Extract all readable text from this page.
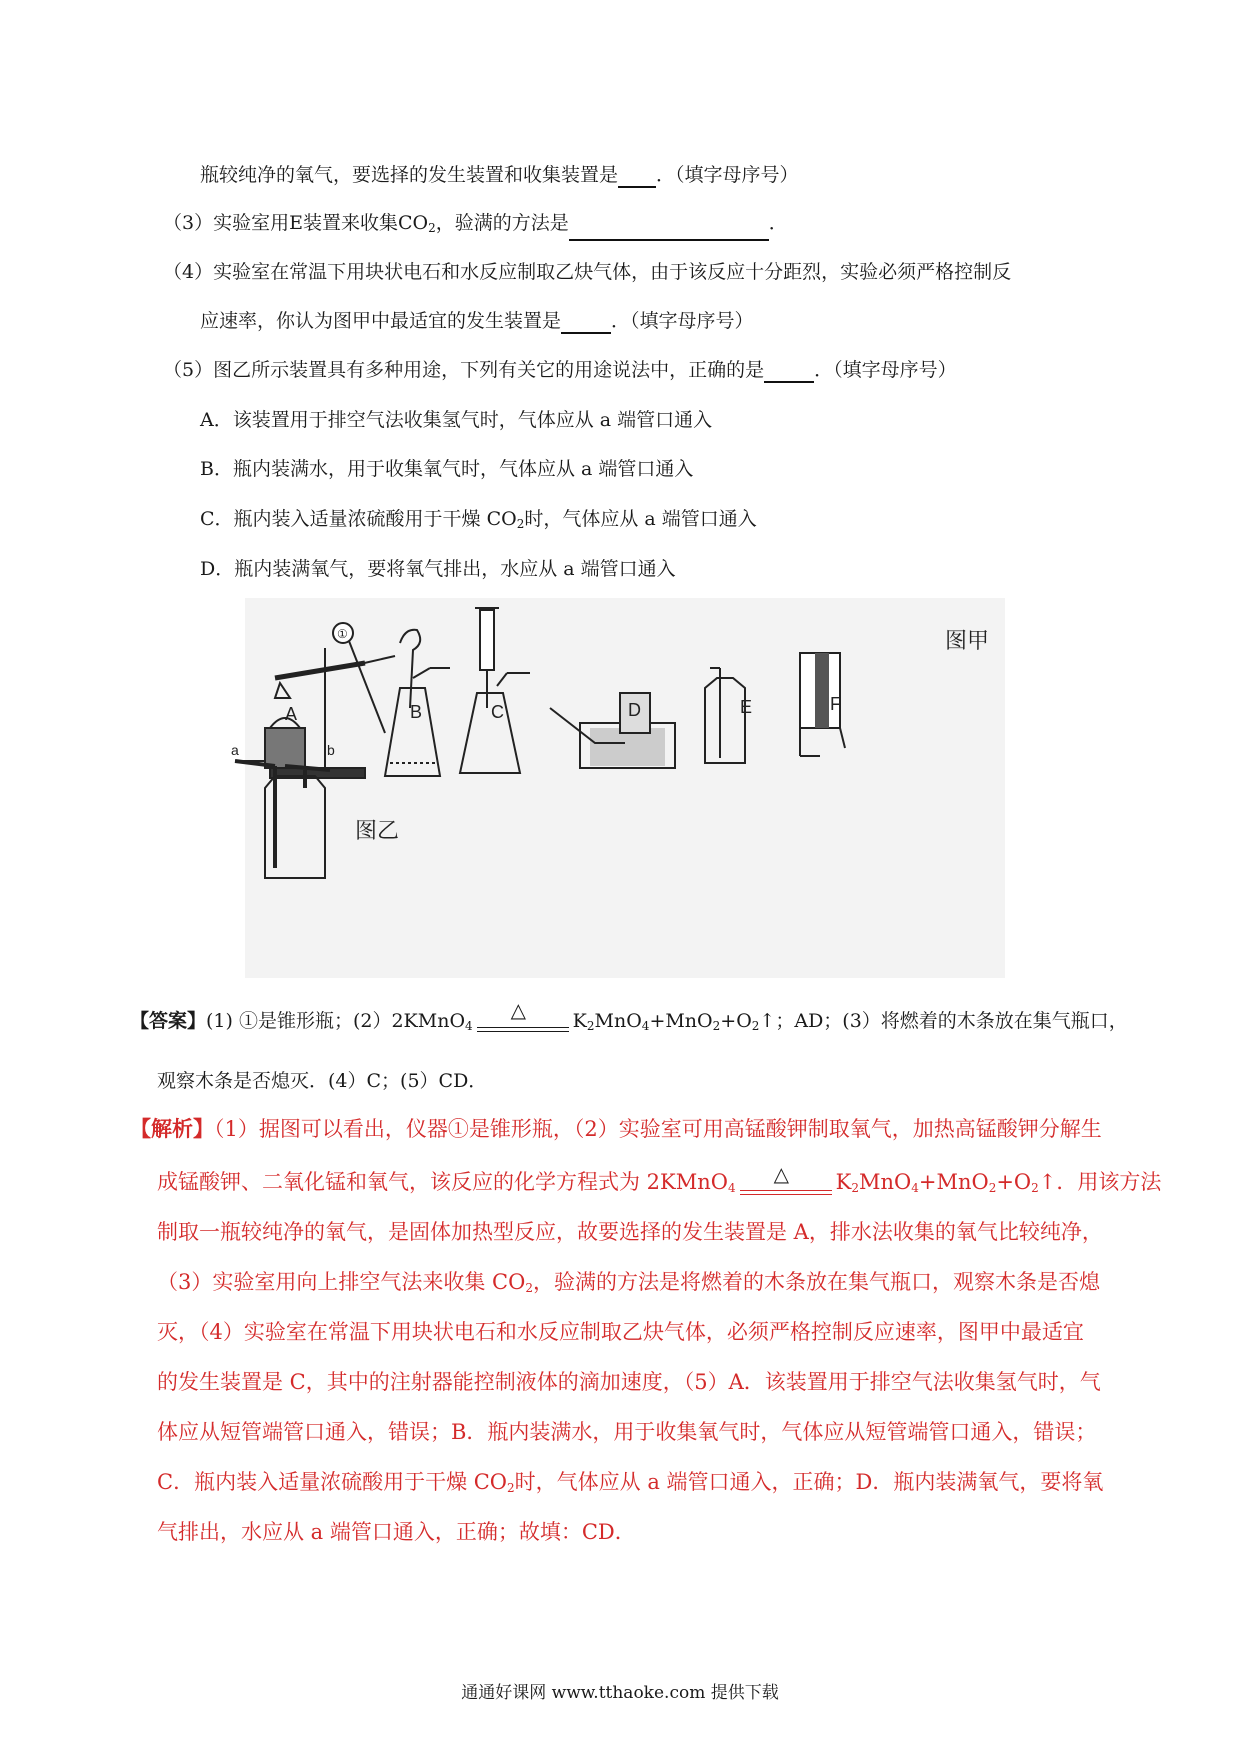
瓶较纯净的氧气，要选择的发生装置和收集装置是 ．（填字母序号）
（3）实验室用E装置来收集$CO_2$，验满的方法是	．
（4）实验室在常温下用块状电石和水反应制取乙炔气体，由于该反应十分距烈，实验必须严格控制反
应速率，你认为图甲中最适宜的发生装置是	．（填字母序号）
（5）图乙所示装置具有多种用途，下列有关它的用途说法中，正确的是	．（填字母序号）
A．该装置用于排空气法收集氢气时，气体应从 a 端管口通入
B．瓶内装满水，用于收集氧气时，气体应从 a 端管口通入
C．瓶内装入适量浓硫酸用于干燥 $CO_2$时，气体应从 a 端管口通入
D．瓶内装满氧气，要将氧气排出，水应从 a 端管口通入
A	B	C	D	E	F
①	图甲
图乙
a	b
【答案】(1) ①是锥形瓶；(2）2KMnO$_4$
△ $K_2MnO_4+MnO_2+O_2↑$；AD；(3）将燃着的木条放在集气瓶口，
观察木条是否熄灭．(4）C；(5）CD．
【解析】（1）据图可以看出，仪器①是锥形瓶，（2）实验室可用高锰酸钾制取氧气，加热高锰酸钾分解生
成锰酸钾、二氧化锰和氧气，该反应的化学方程式为 2KMnO$_4$
△ $K_2MnO_4+MnO_2+O_2↑$．用该方法
制取一瓶较纯净的氧气，是固体加热型反应，故要选择的发生装置是 A，排水法收集的氧气比较纯净，
（3）实验室用向上排空气法来收集 $CO_2$，验满的方法是将燃着的木条放在集气瓶口，观察木条是否熄
灭，（4）实验室在常温下用块状电石和水反应制取乙炔气体，必须严格控制反应速率，图甲中最适宜
的发生装置是 C，其中的注射器能控制液体的滴加速度，（5）A．该装置用于排空气法收集氢气时，气
体应从短管端管口通入，错误；B．瓶内装满水，用于收集氧气时，气体应从短管端管口通入，错误；
C．瓶内装入适量浓硫酸用于干燥 $CO_2$时，气体应从 a 端管口通入，正确；D．瓶内装满氧气，要将氧
气排出，水应从 a 端管口通入，正确；故填：CD．
通通好课网 www.tthaoke.com 提供下载
